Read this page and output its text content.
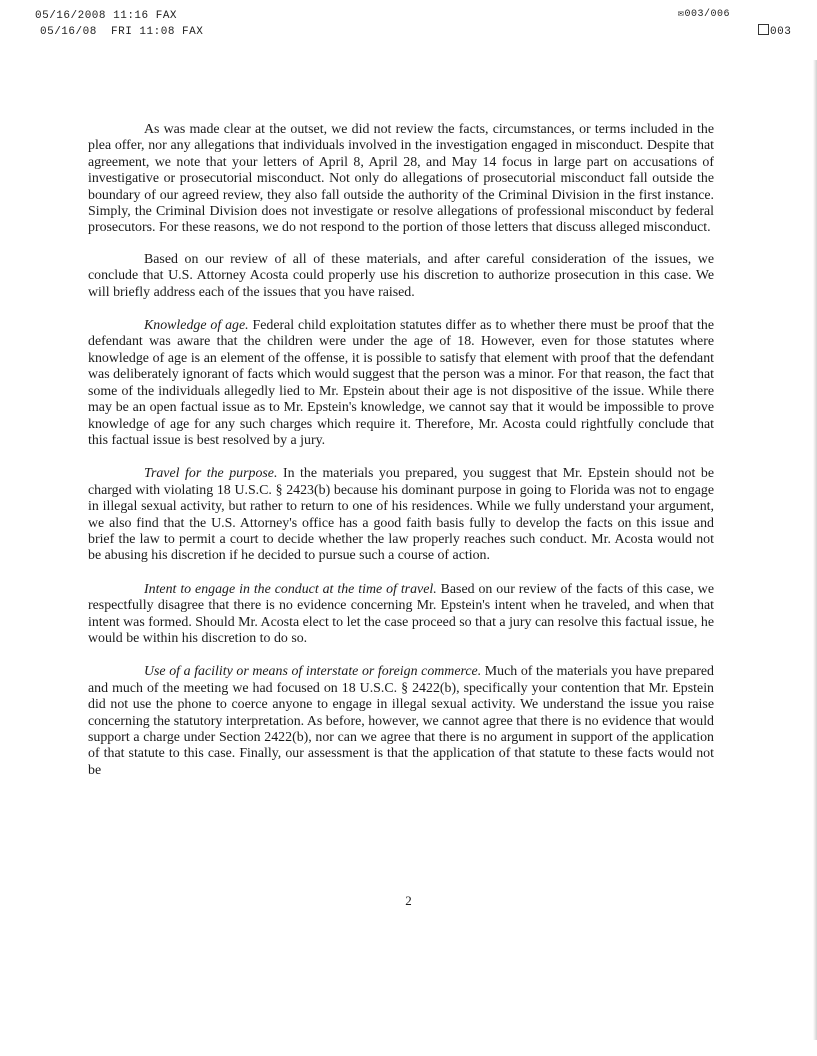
05/16/2008 11:16 FAX
05/16/08  FRI 11:08 FAX
✉003/006
003

As was made clear at the outset, we did not review the facts, circumstances, or terms included in the plea offer, nor any allegations that individuals involved in the investigation engaged in misconduct. Despite that agreement, we note that your letters of April 8, April 28, and May 14 focus in large part on accusations of investigative or prosecutorial misconduct. Not only do allegations of prosecutorial misconduct fall outside the boundary of our agreed review, they also fall outside the authority of the Criminal Division in the first instance. Simply, the Criminal Division does not investigate or resolve allegations of professional misconduct by federal prosecutors. For these reasons, we do not respond to the portion of those letters that discuss alleged misconduct.

Based on our review of all of these materials, and after careful consideration of the issues, we conclude that U.S. Attorney Acosta could properly use his discretion to authorize prosecution in this case. We will briefly address each of the issues that you have raised.

Knowledge of age. Federal child exploitation statutes differ as to whether there must be proof that the defendant was aware that the children were under the age of 18. However, even for those statutes where knowledge of age is an element of the offense, it is possible to satisfy that element with proof that the defendant was deliberately ignorant of facts which would suggest that the person was a minor. For that reason, the fact that some of the individuals allegedly lied to Mr. Epstein about their age is not dispositive of the issue. While there may be an open factual issue as to Mr. Epstein's knowledge, we cannot say that it would be impossible to prove knowledge of age for any such charges which require it. Therefore, Mr. Acosta could rightfully conclude that this factual issue is best resolved by a jury.

Travel for the purpose. In the materials you prepared, you suggest that Mr. Epstein should not be charged with violating 18 U.S.C. § 2423(b) because his dominant purpose in going to Florida was not to engage in illegal sexual activity, but rather to return to one of his residences. While we fully understand your argument, we also find that the U.S. Attorney's office has a good faith basis fully to develop the facts on this issue and brief the law to permit a court to decide whether the law properly reaches such conduct. Mr. Acosta would not be abusing his discretion if he decided to pursue such a course of action.

Intent to engage in the conduct at the time of travel. Based on our review of the facts of this case, we respectfully disagree that there is no evidence concerning Mr. Epstein's intent when he traveled, and when that intent was formed. Should Mr. Acosta elect to let the case proceed so that a jury can resolve this factual issue, he would be within his discretion to do so.

Use of a facility or means of interstate or foreign commerce. Much of the materials you have prepared and much of the meeting we had focused on 18 U.S.C. § 2422(b), specifically your contention that Mr. Epstein did not use the phone to coerce anyone to engage in illegal sexual activity. We understand the issue you raise concerning the statutory interpretation. As before, however, we cannot agree that there is no evidence that would support a charge under Section 2422(b), nor can we agree that there is no argument in support of the application of that statute to this case. Finally, our assessment is that the application of that statute to these facts would not be

2
